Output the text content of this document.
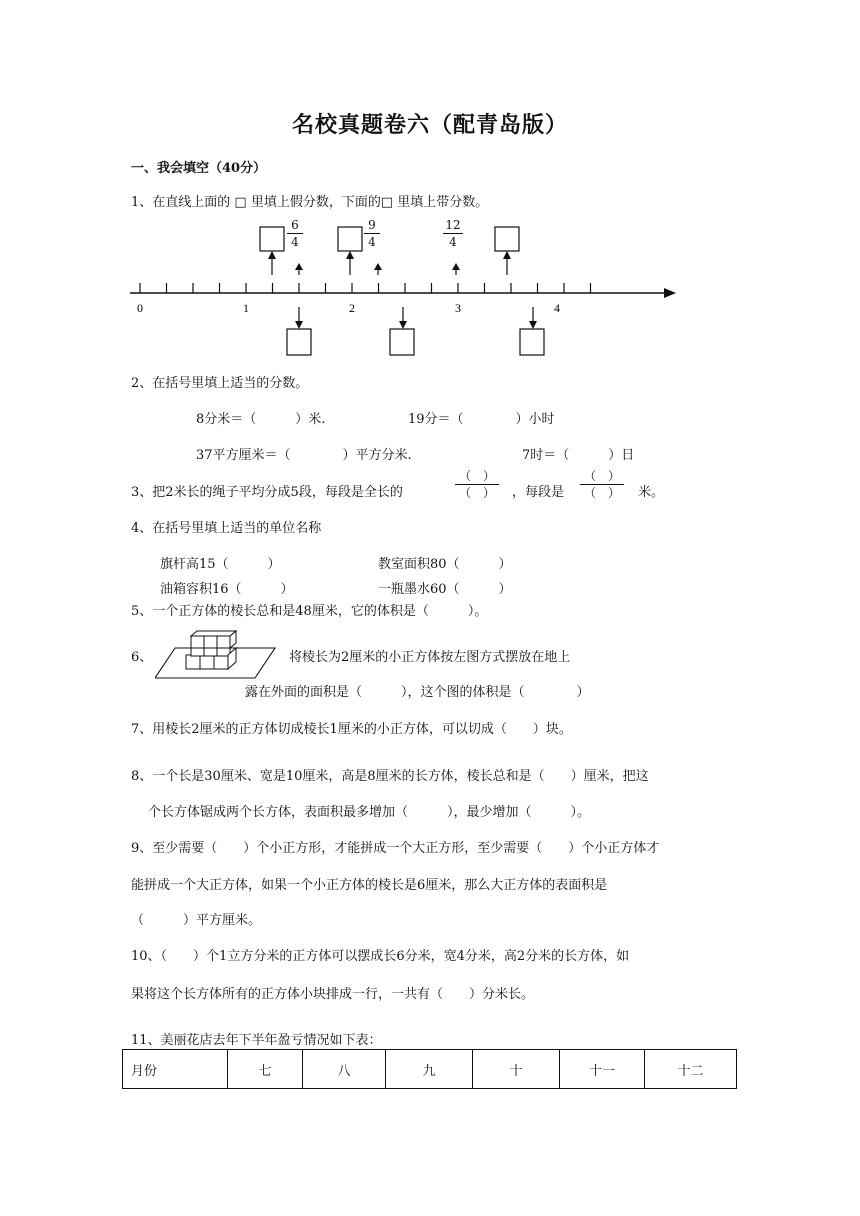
名校真题卷六（配青岛版）
一、我会填空（40分）
1、在直线上面的 □ 里填上假分数，下面的□ 里填上带分数。
0	1	2	3	4
6
4
9
4
12
4
2、在括号里填上适当的分数。
8分米＝（　　　）米.	19分＝（　　　　）小时
37平方厘米＝（　　　　）平方分米.	7时＝（　　　）日
3、把2米长的绳子平均分成5段，每段是全长的
（　）
（　）	，每段是
（　）
（　）	米。
4、在括号里填上适当的单位名称
旗杆高15（　　　）	教室面积80（　　　）
油箱容积16（　　　）	一瓶墨水60（　　　）
5、一个正方体的棱长总和是48厘米，它的体积是（　　　）。
6、	将棱长为2厘米的小正方体按左图方式摆放在地上
露在外面的面积是（　　　），这个图的体积是（　　　　）
7、用棱长2厘米的正方体切成棱长1厘米的小正方体，可以切成（　　）块。
8、一个长是30厘米、宽是10厘米，高是8厘米的长方体，棱长总和是（　　）厘米，把这
个长方体锯成两个长方体，表面积最多增加（　　　），最少增加（　　　）。
9、至少需要（　　）个小正方形，才能拼成一个大正方形，至少需要（　　）个小正方体才
能拼成一个大正方体，如果一个小正方体的棱长是6厘米，那么大正方体的表面积是
（　　　）平方厘米。
10、（　　）个1立方分米的正方体可以摆成长6分米，宽4分米，高2分米的长方体，如
果将这个长方体所有的正方体小块排成一行，一共有（　　）分米长。
11、美丽花店去年下半年盈亏情况如下表：
月份	七	八	九	十	十一	十二
